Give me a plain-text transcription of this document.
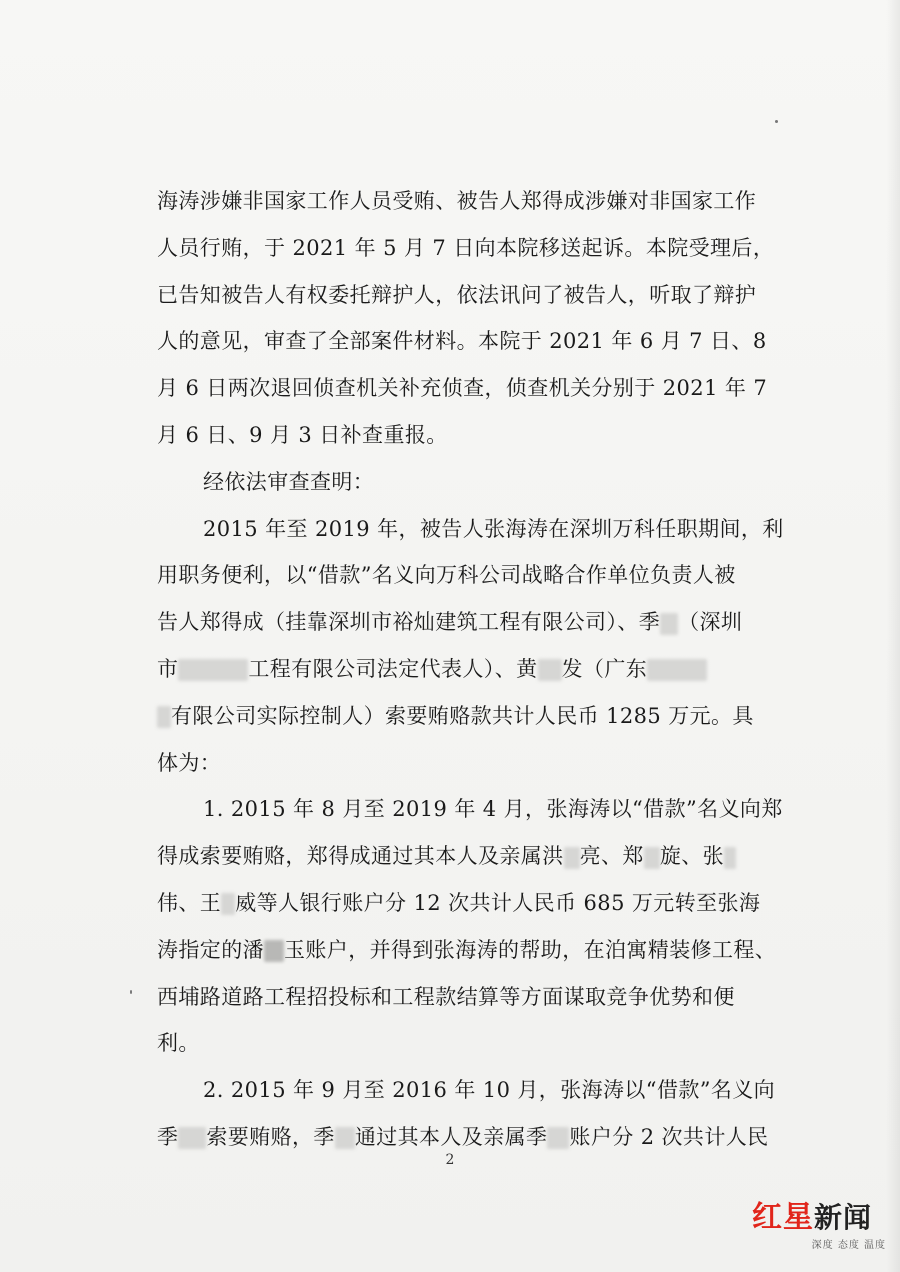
海涛涉嫌非国家工作人员受贿、被告人郑得成涉嫌对非国家工作
人员行贿，于 2021 年 5 月 7 日向本院移送起诉。本院受理后，
已告知被告人有权委托辩护人，依法讯问了被告人，听取了辩护
人的意见，审查了全部案件材料。本院于 2021 年 6 月 7 日、8
月 6 日两次退回侦查机关补充侦查，侦查机关分别于 2021 年 7
月 6 日、9 月 3 日补查重报。
经依法审查查明：
2015 年至 2019 年，被告人张海涛在深圳万科任职期间，利
用职务便利，以“借款”名义向万科公司战略合作单位负责人被
告人郑得成（挂靠深圳市裕灿建筑工程有限公司）、季 （深圳
市	工程有限公司法定代表人）、黄 发（广东
有限公司实际控制人）索要贿赂款共计人民币 1285 万元。具
体为：
1. 2015 年 8 月至 2019 年 4 月，张海涛以“借款”名义向郑
得成索要贿赂，郑得成通过其本人及亲属洪 亮、郑 旋、张
伟、王 威等人银行账户分 12 次共计人民币 685 万元转至张海
涛指定的潘 玉账户，并得到张海涛的帮助，在泊寓精装修工程、
西埔路道路工程招投标和工程款结算等方面谋取竞争优势和便
利。
2. 2015 年 9 月至 2016 年 10 月，张海涛以“借款”名义向
季 索要贿赂，季 通过其本人及亲属季 账户分 2 次共计人民
2
红星新闻
深度 态度 温度
